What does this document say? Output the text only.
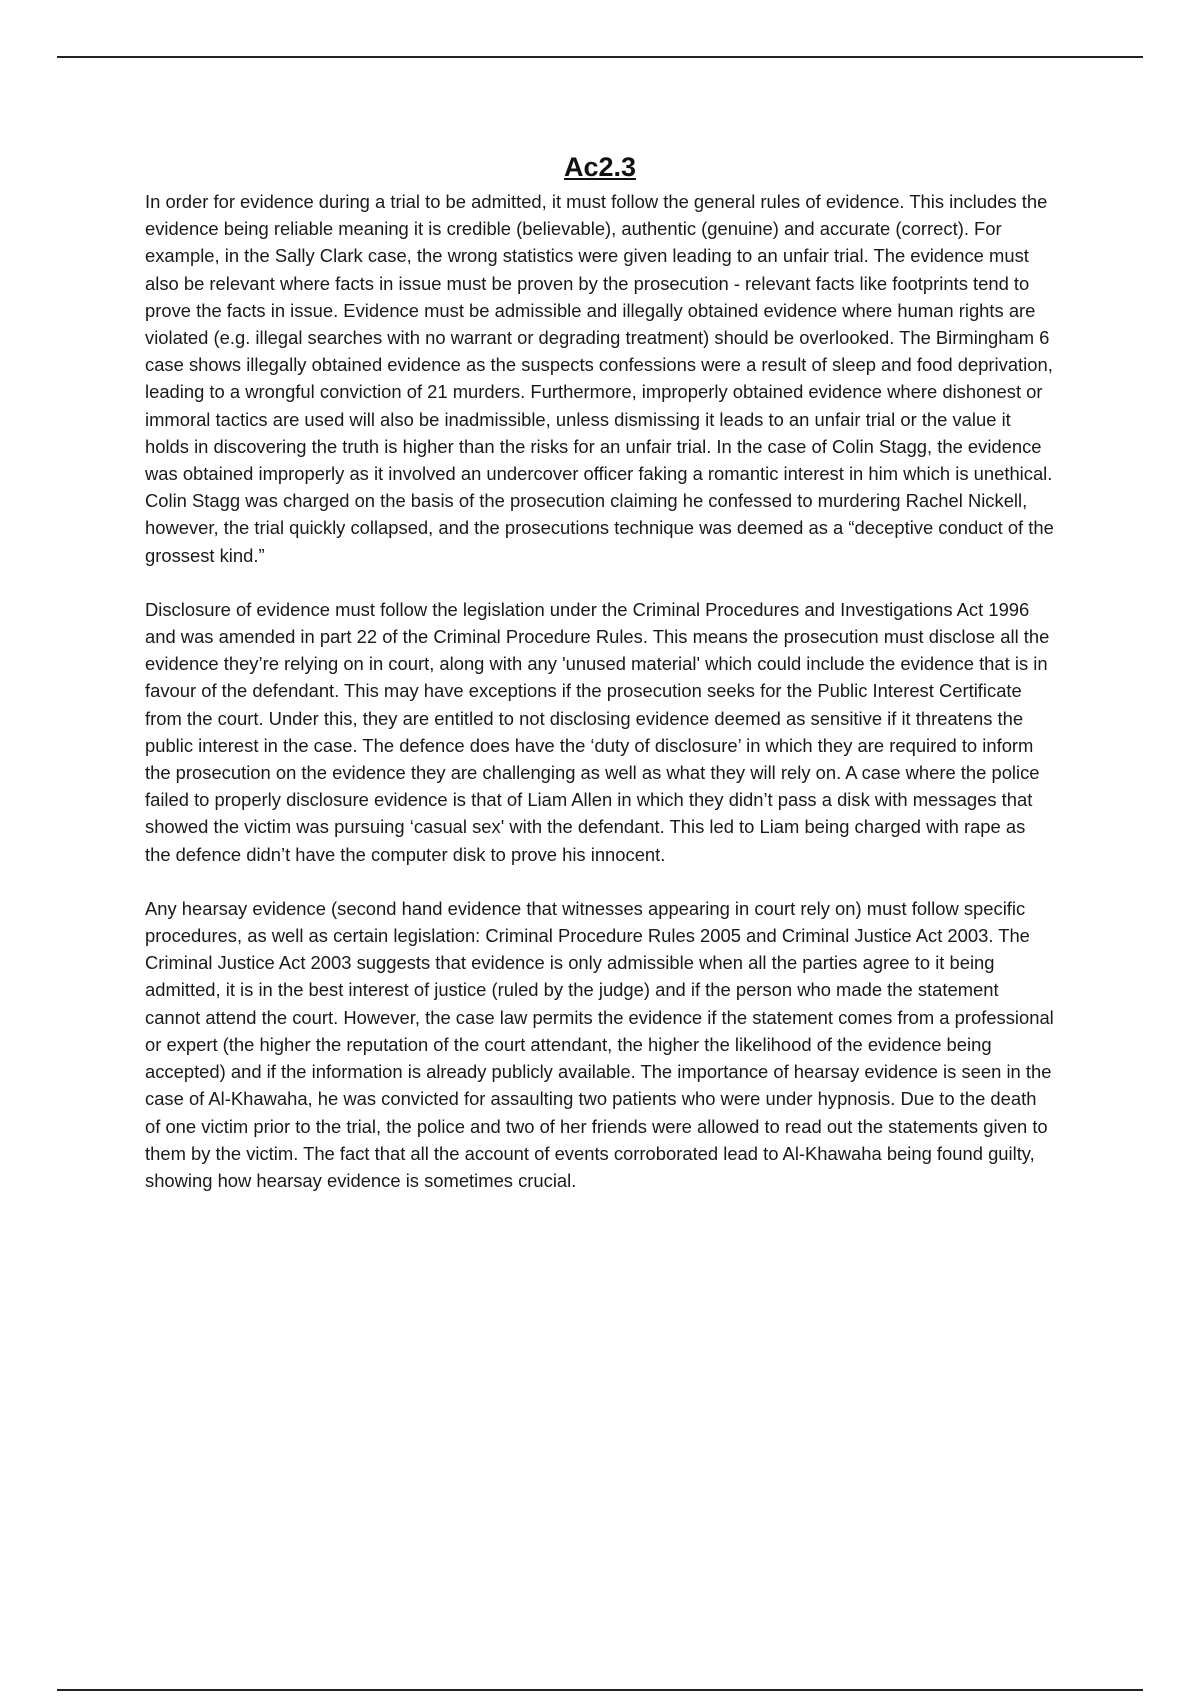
Ac2.3

In order for evidence during a trial to be admitted, it must follow the general rules of evidence. This includes the evidence being reliable meaning it is credible (believable), authentic (genuine) and accurate (correct). For example, in the Sally Clark case, the wrong statistics were given leading to an unfair trial. The evidence must also be relevant where facts in issue must be proven by the prosecution - relevant facts like footprints tend to prove the facts in issue. Evidence must be admissible and illegally obtained evidence where human rights are violated (e.g. illegal searches with no warrant or degrading treatment) should be overlooked. The Birmingham 6 case shows illegally obtained evidence as the suspects confessions were a result of sleep and food deprivation, leading to a wrongful conviction of 21 murders. Furthermore, improperly obtained evidence where dishonest or immoral tactics are used will also be inadmissible, unless dismissing it leads to an unfair trial or the value it holds in discovering the truth is higher than the risks for an unfair trial. In the case of Colin Stagg, the evidence was obtained improperly as it involved an undercover officer faking a romantic interest in him which is unethical. Colin Stagg was charged on the basis of the prosecution claiming he confessed to murdering Rachel Nickell, however, the trial quickly collapsed, and the prosecutions technique was deemed as a “deceptive conduct of the grossest kind.”

Disclosure of evidence must follow the legislation under the Criminal Procedures and Investigations Act 1996 and was amended in part 22 of the Criminal Procedure Rules. This means the prosecution must disclose all the evidence they’re relying on in court, along with any 'unused material' which could include the evidence that is in favour of the defendant. This may have exceptions if the prosecution seeks for the Public Interest Certificate from the court. Under this, they are entitled to not disclosing evidence deemed as sensitive if it threatens the public interest in the case. The defence does have the ‘duty of disclosure’ in which they are required to inform the prosecution on the evidence they are challenging as well as what they will rely on. A case where the police failed to properly disclosure evidence is that of Liam Allen in which they didn’t pass a disk with messages that showed the victim was pursuing ‘casual sex' with the defendant. This led to Liam being charged with rape as the defence didn’t have the computer disk to prove his innocent.

Any hearsay evidence (second hand evidence that witnesses appearing in court rely on) must follow specific procedures, as well as certain legislation: Criminal Procedure Rules 2005 and Criminal Justice Act 2003. The Criminal Justice Act 2003 suggests that evidence is only admissible when all the parties agree to it being admitted, it is in the best interest of justice (ruled by the judge) and if the person who made the statement cannot attend the court. However, the case law permits the evidence if the statement comes from a professional or expert (the higher the reputation of the court attendant, the higher the likelihood of the evidence being accepted) and if the information is already publicly available. The importance of hearsay evidence is seen in the case of Al-Khawaha, he was convicted for assaulting two patients who were under hypnosis. Due to the death of one victim prior to the trial, the police and two of her friends were allowed to read out the statements given to them by the victim. The fact that all the account of events corroborated lead to Al-Khawaha being found guilty, showing how hearsay evidence is sometimes crucial.
